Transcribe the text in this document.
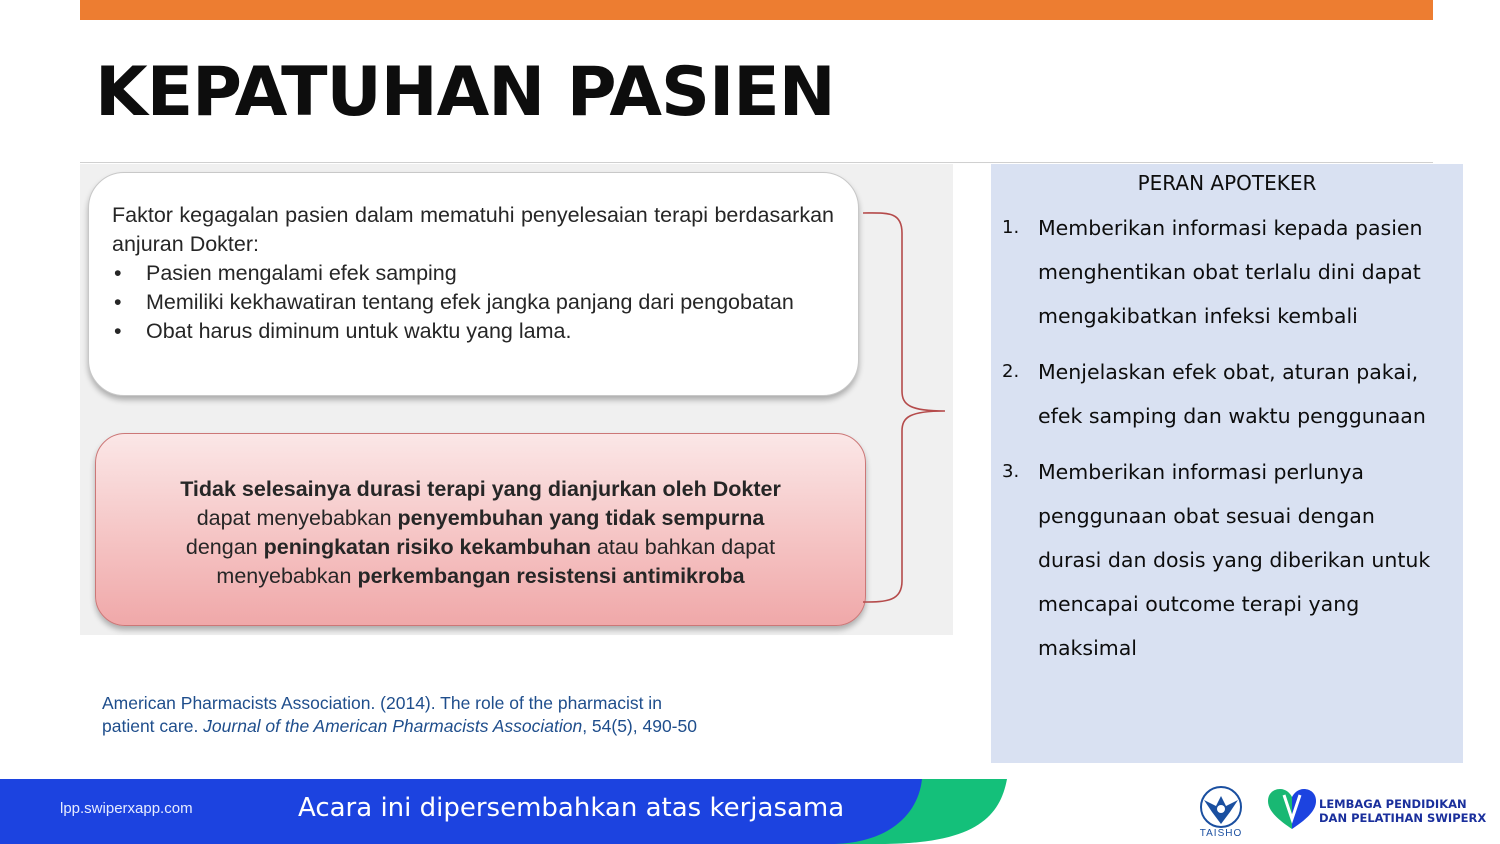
KEPATUHAN PASIEN
Faktor kegagalan pasien dalam mematuhi penyelesaian terapi berdasarkan anjuran Dokter:
• Pasien mengalami efek samping
• Memiliki kekhawatiran tentang efek jangka panjang dari pengobatan
• Obat harus diminum untuk waktu yang lama.
Tidak selesainya durasi terapi yang dianjurkan oleh Dokter
dapat menyebabkan penyembuhan yang tidak sempurna
dengan peningkatan risiko kekambuhan atau bahkan dapat
menyebabkan perkembangan resistensi antimikroba
American Pharmacists Association. (2014). The role of the pharmacist in
patient care. Journal of the American Pharmacists Association, 54(5), 490-50
PERAN APOTEKER
1. Memberikan informasi kepada pasien menghentikan obat terlalu dini dapat mengakibatkan infeksi kembali
2. Menjelaskan efek obat, aturan pakai, efek samping dan waktu penggunaan
3. Memberikan informasi perlunya penggunaan obat sesuai dengan durasi dan dosis yang diberikan untuk mencapai outcome terapi yang maksimal
lpp.swiperxapp.com	Acara ini dipersembahkan atas kerjasama
TAISHO
LEMBAGA PENDIDIKAN
DAN PELATIHAN SWIPERX
